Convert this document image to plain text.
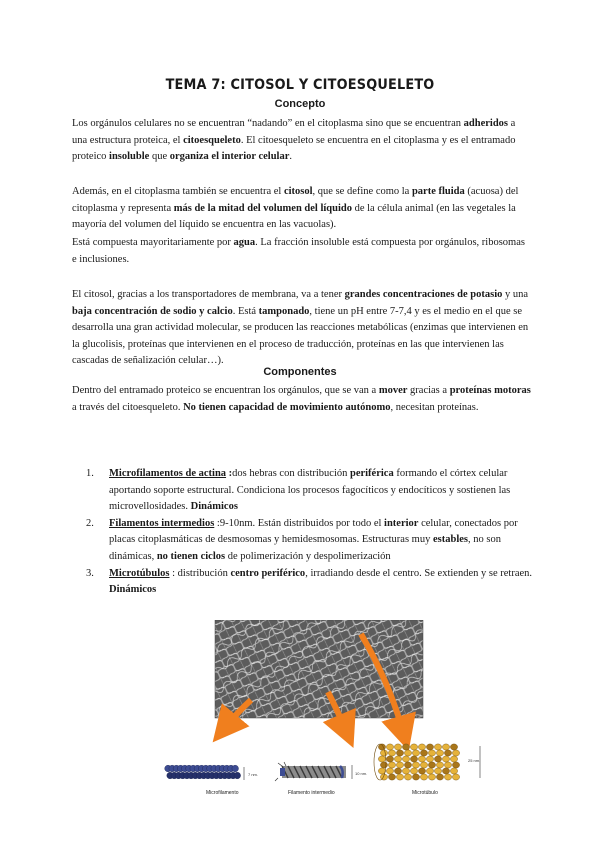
TEMA 7: CITOSOL Y CITOESQUELETO
Concepto
Los orgánulos celulares no se encuentran “nadando” en el citoplasma sino que se encuentran adheridos a una estructura proteica, el citoesqueleto. El citoesqueleto se encuentra en el citoplasma y es el entramado proteico insoluble que organiza el interior celular.
Además, en el citoplasma también se encuentra el citosol, que se define como la parte fluida (acuosa) del citoplasma y representa más de la mitad del volumen del líquido de la célula animal (en las vegetales la mayoría del volumen del líquido se encuentra en las vacuolas).
Está compuesta mayoritariamente por agua. La fracción insoluble está compuesta por orgánulos, ribosomas e inclusiones.
El citosol, gracias a los transportadores de membrana, va a tener grandes concentraciones de potasio y una baja concentración de sodio y calcio. Está tamponado, tiene un pH entre 7-7,4 y es el medio en el que se desarrolla una gran actividad molecular, se producen las reacciones metabólicas (enzimas que intervienen en la glucolisis, proteínas que intervienen en el proceso de traducción, proteínas en las que intervienen las cascadas de señalización celular…).
Componentes
Dentro del entramado proteico se encuentran los orgánulos, que se van a mover gracias a proteínas motoras a través del citoesqueleto. No tienen capacidad de movimiento autónomo, necesitan proteínas.
1. Microfilamentos de actina :dos hebras con distribución periférica formando el córtex celular aportando soporte estructural. Condiciona los procesos fagocíticos y endocíticos y sostienen las microvellosidades. Dinámicos
2. Filamentos intermedios :9-10nm. Están distribuidos por todo el interior celular, conectados por placas citoplasmáticas de desmosomas y hemidesmosomas. Estructuras muy estables, no son dinámicas, no tienen ciclos de polimerización y despolimerización
3. Microtúbulos : distribución centro periférico, irradiando desde el centro. Se extienden y se retraen. Dinámicos
7 nm.	10 nm.
25 nm.
Microfilamento	Filamento intermedio	Microtúbulo
